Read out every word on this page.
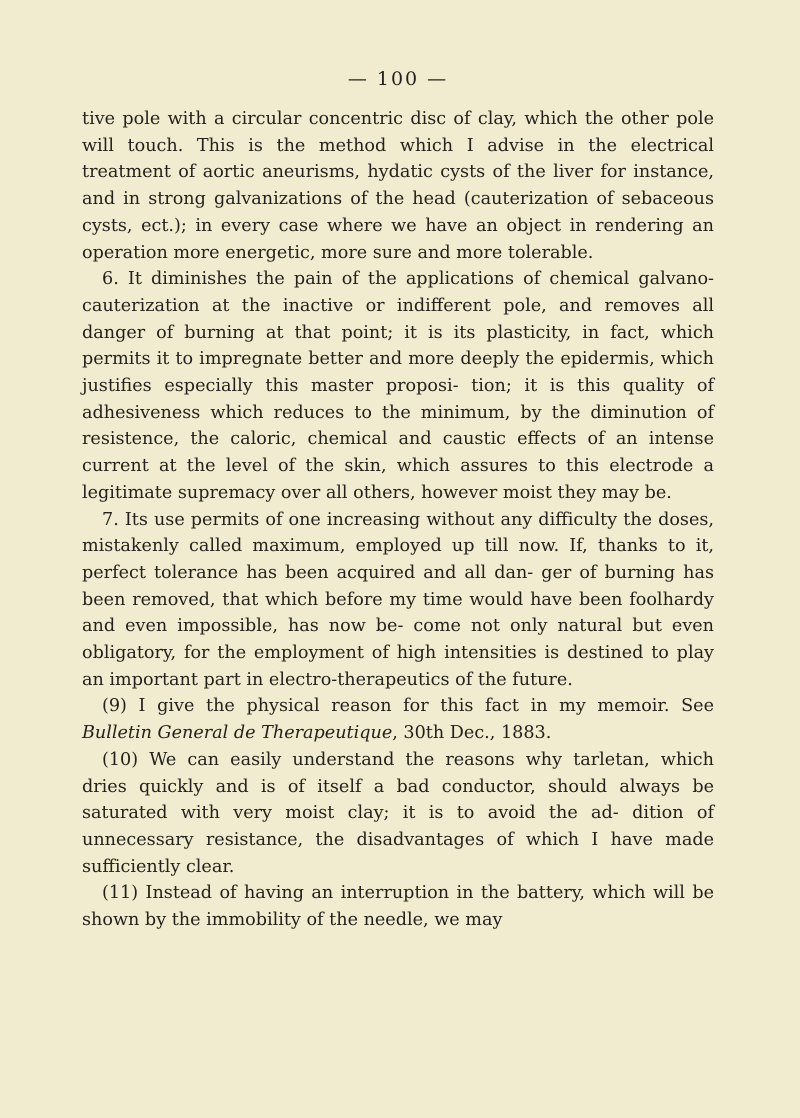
— 100 —

tive pole with a circular concentric disc of clay, which the other pole will touch. This is the method which I advise in the electrical treatment of aortic aneurisms, hydatic cysts of the liver for instance, and in strong galvanizations of the head (cauterization of sebaceous cysts, ect.); in every case where we have an object in rendering an operation more energetic, more sure and more tolerable.

6. It diminishes the pain of the applications of chemical galvano-cauterization at the inactive or indifferent pole, and removes all danger of burning at that point; it is its plasticity, in fact, which permits it to impregnate better and more deeply the epidermis, which justifies especially this master proposi- tion; it is this quality of adhesiveness which reduces to the minimum, by the diminution of resistence, the caloric, chemical and caustic effects of an intense current at the level of the skin, which assures to this electrode a legitimate supremacy over all others, however moist they may be.

7. Its use permits of one increasing without any difficulty the doses, mistakenly called maximum, employed up till now. If, thanks to it, perfect tolerance has been acquired and all dan- ger of burning has been removed, that which before my time would have been foolhardy and even impossible, has now be- come not only natural but even obligatory, for the employment of high intensities is destined to play an important part in electro-therapeutics of the future.

(9) I give the physical reason for this fact in my memoir. See Bulletin General de Therapeutique, 30th Dec., 1883.

(10) We can easily understand the reasons why tarletan, which dries quickly and is of itself a bad conductor, should always be saturated with very moist clay; it is to avoid the ad- dition of unnecessary resistance, the disadvantages of which I have made sufficiently clear.

(11) Instead of having an interruption in the battery, which will be shown by the immobility of the needle, we may
